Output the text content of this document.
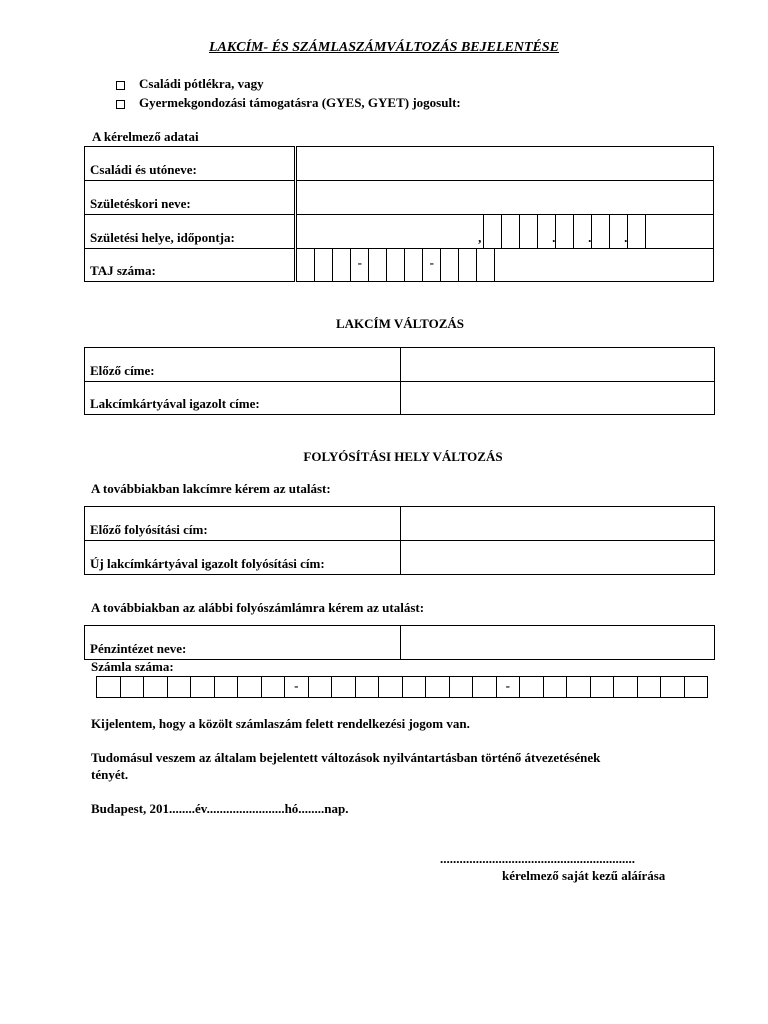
LAKCÍM- ÉS SZÁMLASZÁMVÁLTOZÁS BEJELENTÉSE
Családi pótlékra, vagy
Gyermekgondozási támogatásra (GYES, GYET) jogosult:
A kérelmező adatai
Családi és utóneve:	
Születéskori neve:	
Születési helye, időpontja:	, . . .

TAJ száma:	- -
LAKCÍM VÁLTOZÁS
Előző címe:	
Lakcímkártyával igazolt címe:	
FOLYÓSÍTÁSI HELY VÁLTOZÁS
A továbbiakban lakcímre kérem az utalást:
Előző folyósítási cím:	
Új lakcímkártyával igazolt folyósítási cím:	
A továbbiakban az alábbi folyószámlámra kérem az utalást:
Pénzintézet neve:	
Számla száma:
-	-
Kijelentem, hogy a közölt számlaszám felett rendelkezési jogom van.
Tudomásul veszem az általam bejelentett változások nyilvántartásban történő átvezetésének
tényét.
Budapest, 201........év........................hó........nap.
............................................................
kérelmező saját kezű aláírása
